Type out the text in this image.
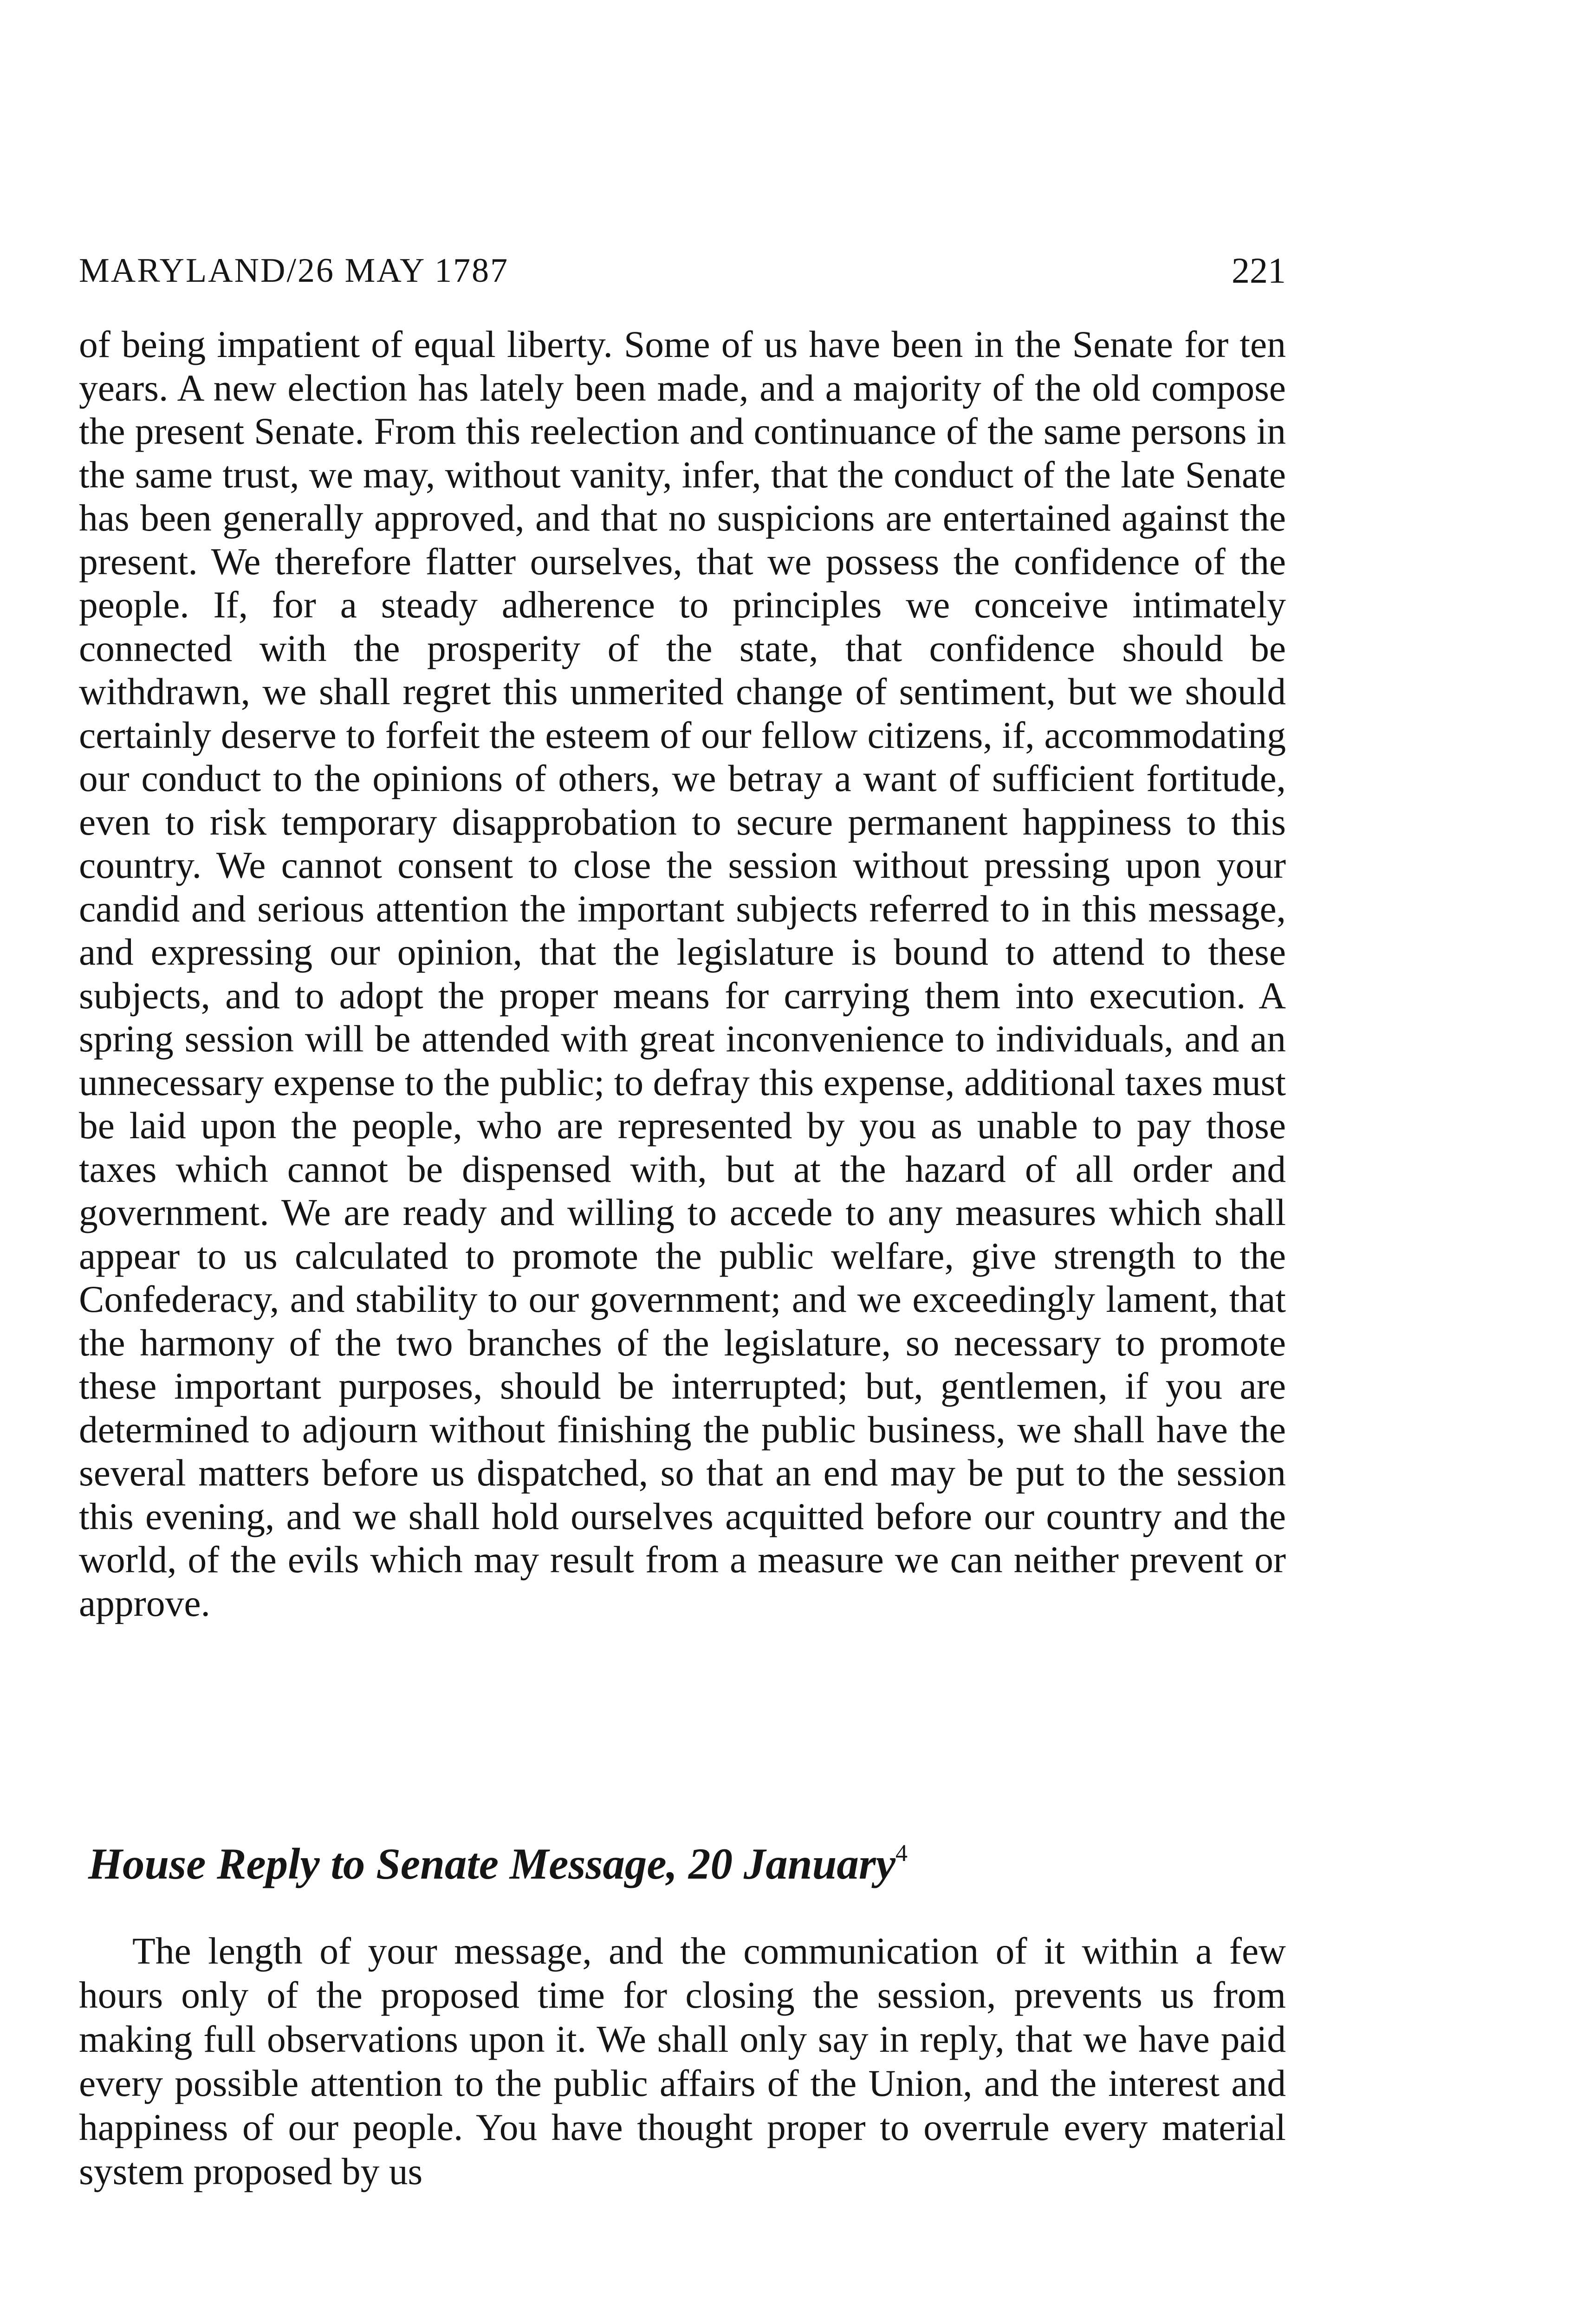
MARYLAND/26 MAY 1787	221

of being impatient of equal liberty. Some of us have been in the Senate for ten years. A new election has lately been made, and a majority of the old compose the present Senate. From this reelection and continuance of the same persons in the same trust, we may, without vanity, infer, that the conduct of the late Senate has been generally approved, and that no suspicions are entertained against the present. We therefore flatter ourselves, that we possess the confidence of the people. If, for a steady adherence to principles we conceive intimately connected with the prosperity of the state, that confidence should be withdrawn, we shall regret this unmerited change of sentiment, but we should certainly deserve to forfeit the esteem of our fellow citizens, if, accommodating our conduct to the opinions of others, we betray a want of sufficient fortitude, even to risk temporary disapprobation to secure permanent happiness to this country. We cannot consent to close the session without pressing upon your candid and serious attention the important subjects referred to in this message, and expressing our opinion, that the legislature is bound to attend to these subjects, and to adopt the proper means for carrying them into execution. A spring session will be attended with great inconvenience to individuals, and an unnecessary expense to the public; to defray this expense, additional taxes must be laid upon the people, who are represented by you as unable to pay those taxes which cannot be dispensed with, but at the hazard of all order and government. We are ready and willing to accede to any measures which shall appear to us calculated to promote the public welfare, give strength to the Confederacy, and stability to our government; and we exceedingly lament, that the harmony of the two branches of the legislature, so necessary to promote these important purposes, should be interrupted; but, gentlemen, if you are determined to adjourn without finishing the public business, we shall have the several matters before us dispatched, so that an end may be put to the session this evening, and we shall hold ourselves acquitted before our country and the world, of the evils which may result from a measure we can neither prevent or approve.

House Reply to Senate Message, 20 January$^4$

The length of your message, and the communication of it within a few hours only of the proposed time for closing the session, prevents us from making full observations upon it. We shall only say in reply, that we have paid every possible attention to the public affairs of the Union, and the interest and happiness of our people. You have thought proper to overrule every material system proposed by us
